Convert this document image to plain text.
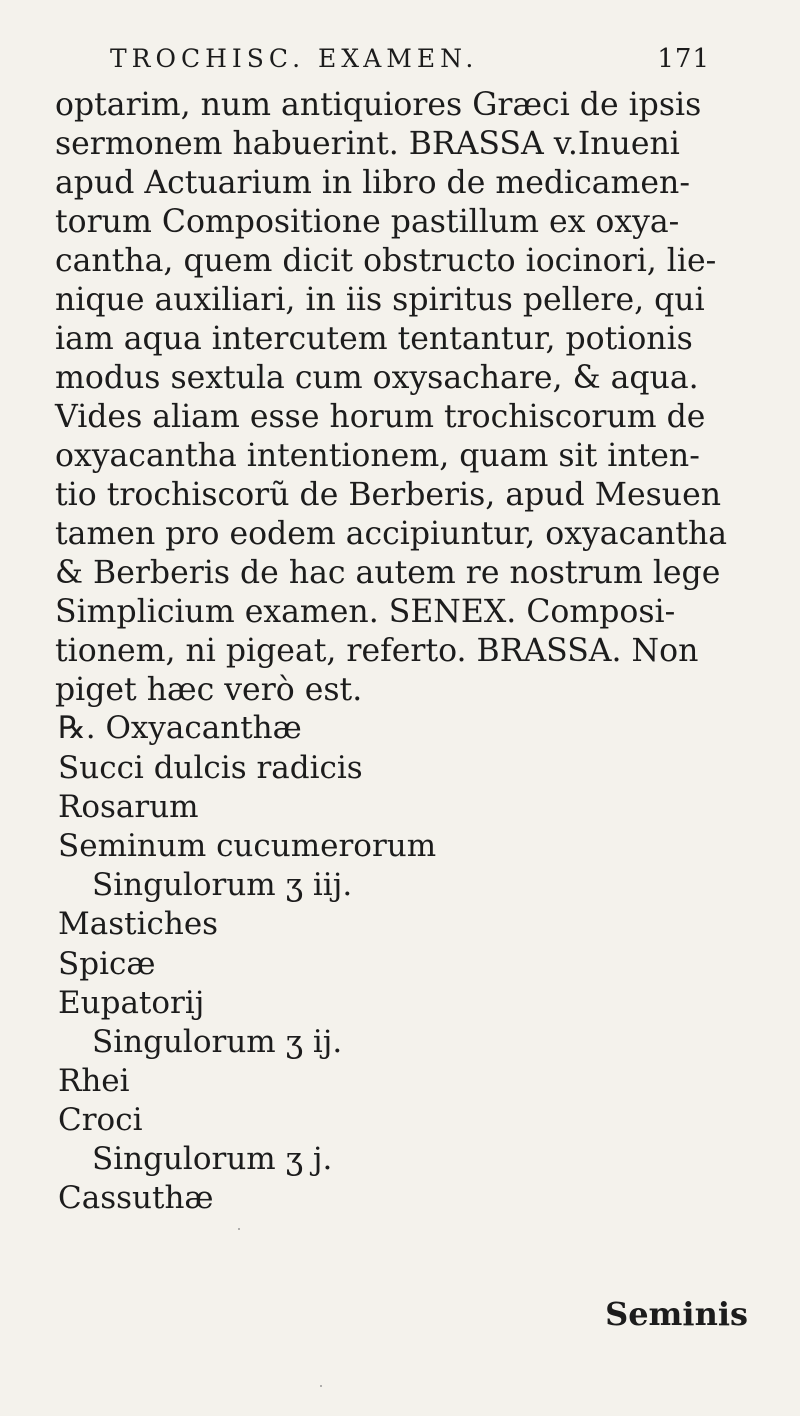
TROCHISC. EXAMEN.	171
optarim, num antiquiores Græci de ipsis
sermonem habuerint. BRASSA v.Inueni
apud Actuarium in libro de medicamen-
torum Compositione pastillum ex oxya-
cantha, quem dicit obstructo iocinori, lie-
nique auxiliari, in iis spiritus pellere, qui
iam aqua intercutem tentantur, potionis
modus sextula cum oxysachare, & aqua.
Vides aliam esse horum trochiscorum de
oxyacantha intentionem, quam sit inten-
tio trochiscorũ de Berberis, apud Mesuen
tamen pro eodem accipiuntur, oxyacantha
& Berberis de hac autem re nostrum lege
Simplicium examen. SENEX. Composi-
tionem, ni pigeat, referto. BRASSA. Non
piget hæc verò est.
℞. Oxyacanthæ
Succi dulcis radicis
Rosarum
Seminum cucumerorum
Singulorum ʒ iij.
Mastiches
Spicæ
Eupatorij
Singulorum ʒ ij.
Rhei
Croci
Singulorum ʒ j.
Cassuthæ
Seminis
